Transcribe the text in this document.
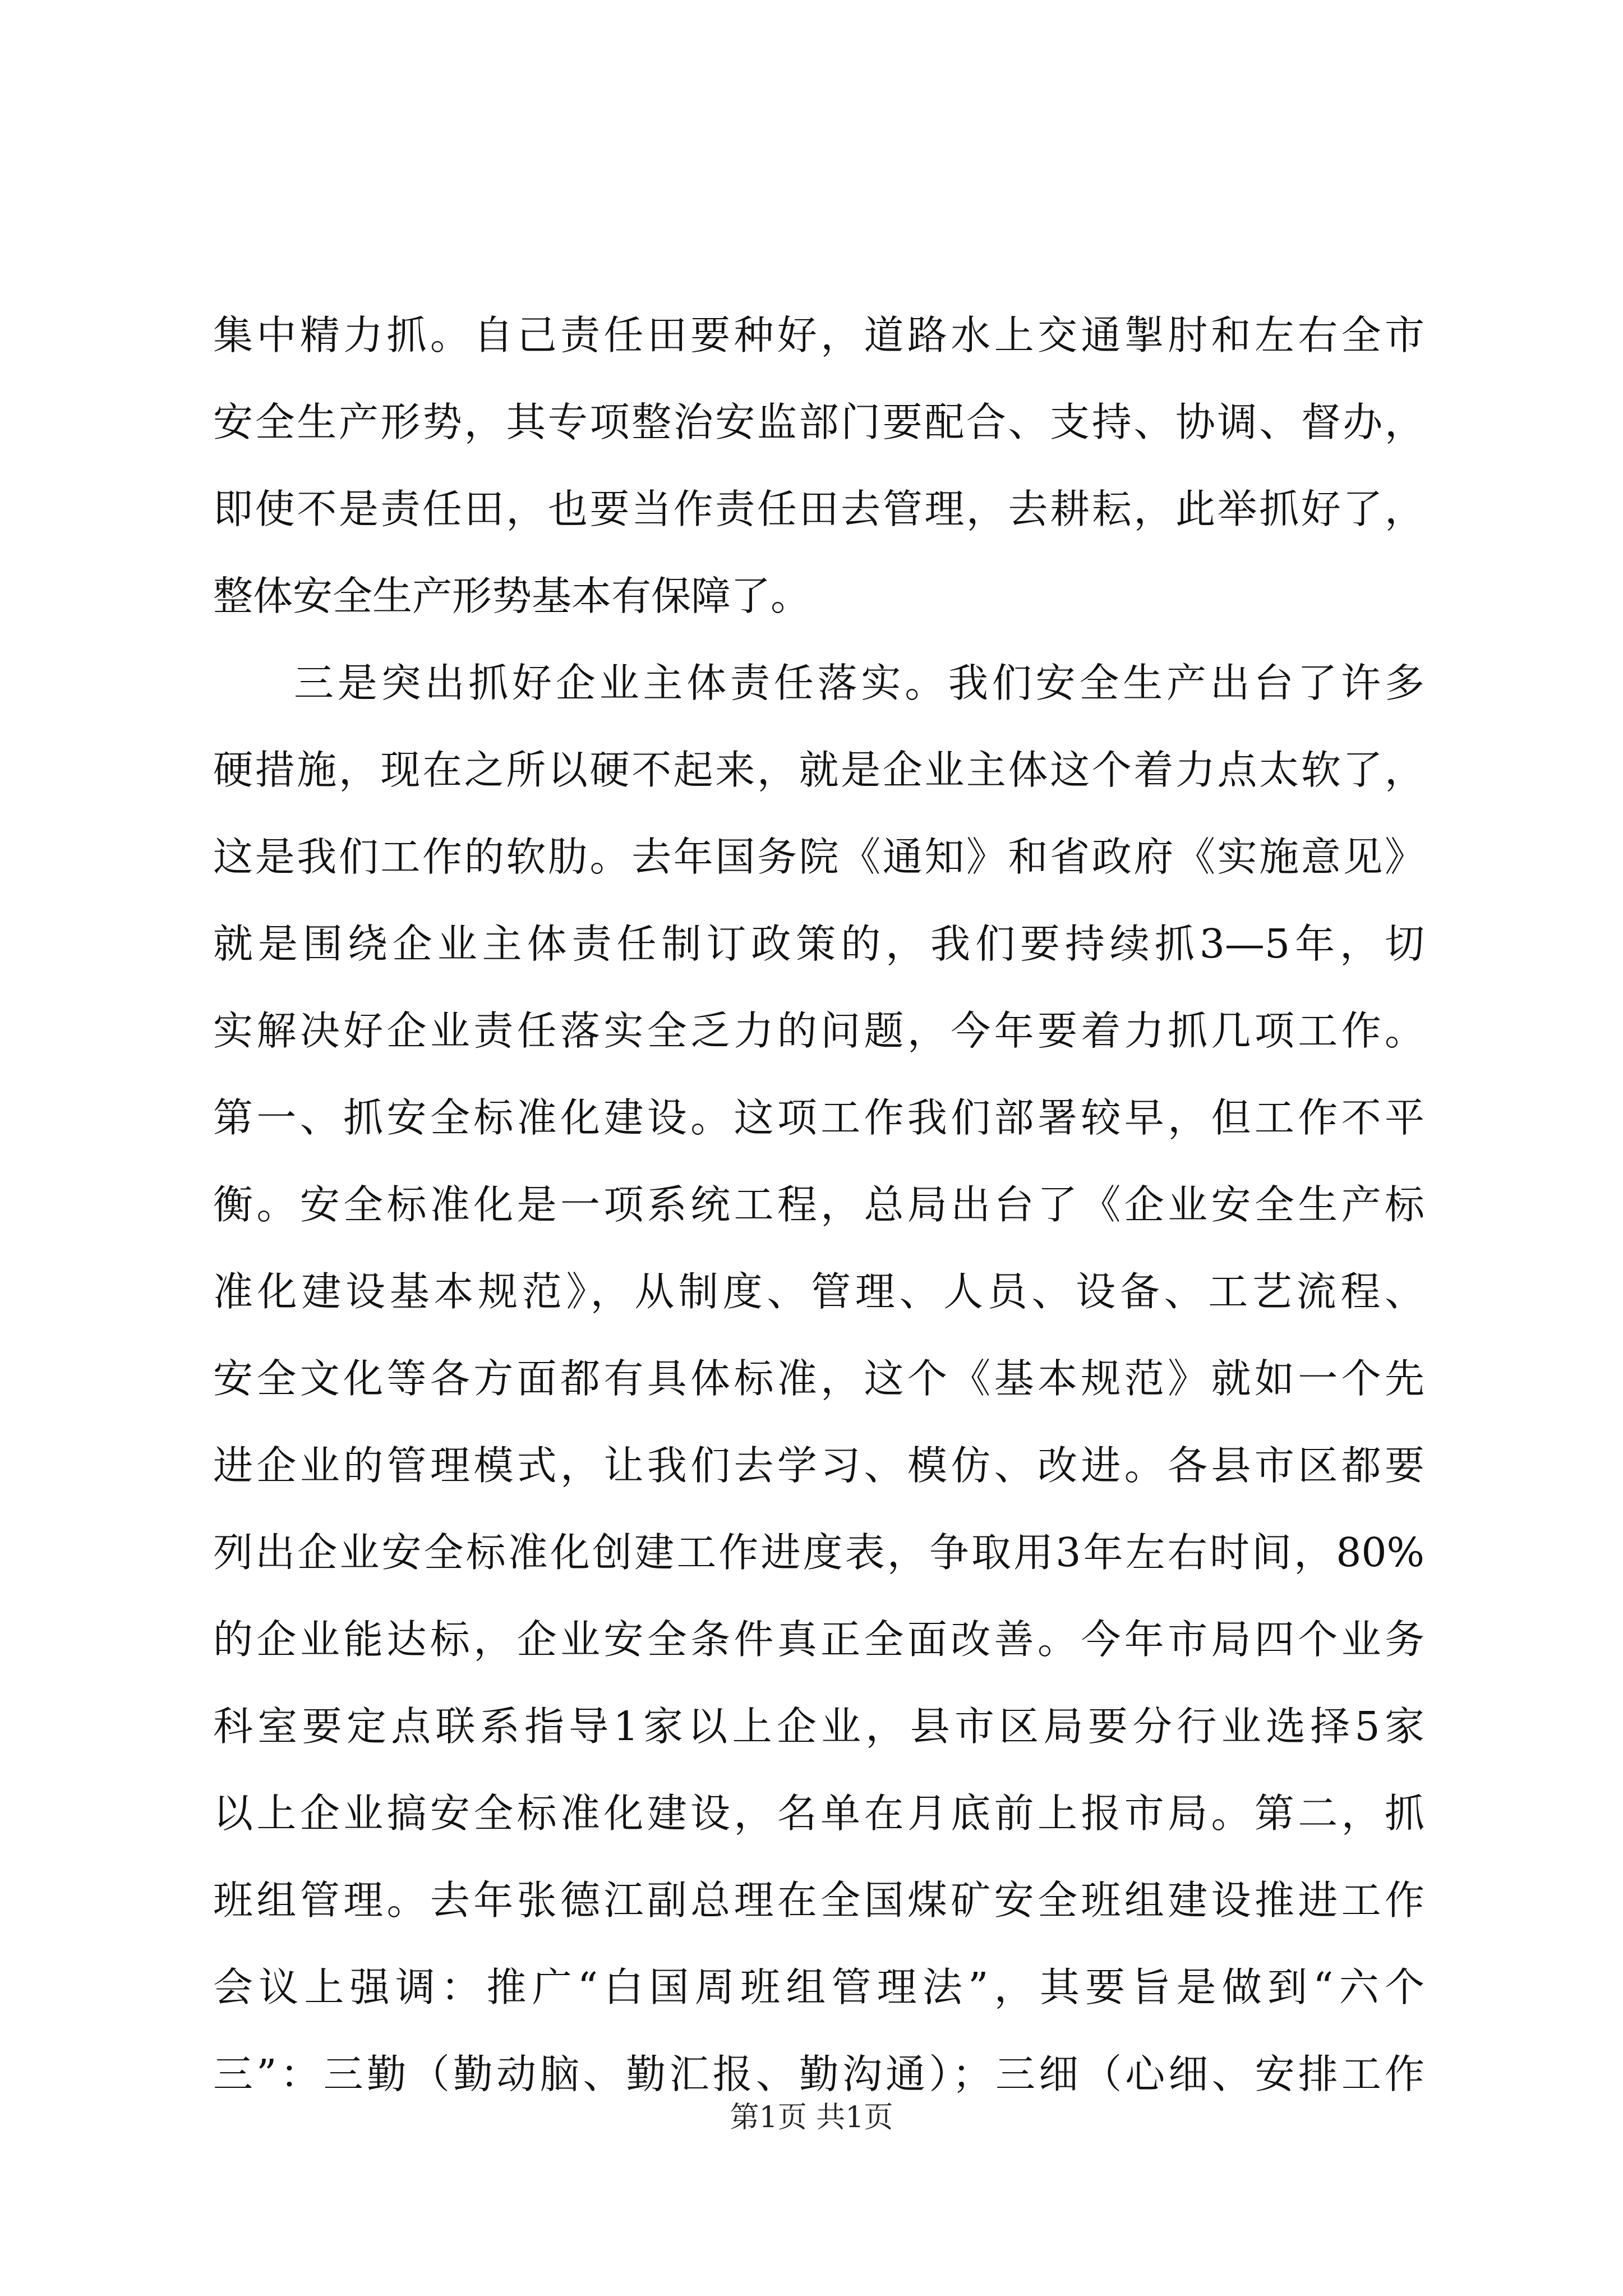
集中精力抓。自己责任田要种好，道路水上交通掣肘和左右全市
安全生产形势，其专项整治安监部门要配合、支持、协调、督办，
即使不是责任田，也要当作责任田去管理，去耕耘，此举抓好了，
整体安全生产形势基本有保障了。
三是突出抓好企业主体责任落实。我们安全生产出台了许多
硬措施，现在之所以硬不起来，就是企业主体这个着力点太软了，
这是我们工作的软肋。去年国务院《通知》和省政府《实施意见》
就是围绕企业主体责任制订政策的，我们要持续抓3—5年，切
实解决好企业责任落实全乏力的问题，今年要着力抓几项工作。
第一、抓安全标准化建设。这项工作我们部署较早，但工作不平
衡。安全标准化是一项系统工程，总局出台了《企业安全生产标
准化建设基本规范》，从制度、管理、人员、设备、工艺流程、
安全文化等各方面都有具体标准，这个《基本规范》就如一个先
进企业的管理模式，让我们去学习、模仿、改进。各县市区都要
列出企业安全标准化创建工作进度表，争取用3年左右时间，80%
的企业能达标，企业安全条件真正全面改善。今年市局四个业务
科室要定点联系指导1家以上企业，县市区局要分行业选择5家
以上企业搞安全标准化建设，名单在月底前上报市局。第二，抓
班组管理。去年张德江副总理在全国煤矿安全班组建设推进工作
会议上强调：推广“白国周班组管理法”，其要旨是做到“六个
三”：三勤（勤动脑、勤汇报、勤沟通）；三细（心细、安排工作
第1页 共1页
